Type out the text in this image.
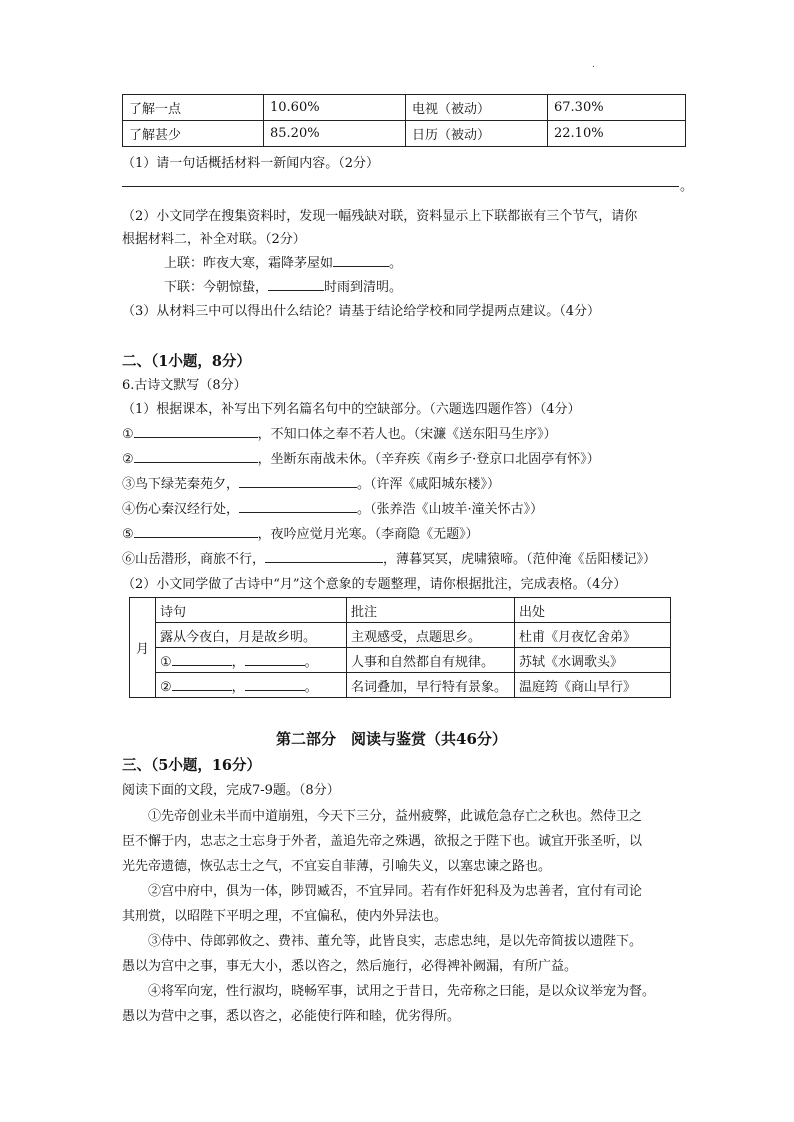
.
了解一点	10.60%	电视（被动）	67.30%
了解甚少	85.20%	日历（被动）	22.10%
（1）请一句话概括材料一新闻内容。（2分）
。
（2）小文同学在搜集资料时，发现一幅残缺对联，资料显示上下联都嵌有三个节气，请你
根据材料二，补全对联。（2分）
上联：昨夜大寒，霜降茅屋如	。
下联：今朝惊蛰，	时雨到清明。
（3）从材料三中可以得出什么结论？请基于结论给学校和同学提两点建议。（4分）
二、（1小题，8分）
6.古诗文默写（8分）
（1）根据课本，补写出下列名篇名句中的空缺部分。（六题选四题作答）（4分）
①	，不知口体之奉不若人也。（宋濂《送东阳马生序》）
②	，坐断东南战未休。（辛弃疾《南乡子·登京口北固亭有怀》）
③鸟下绿芜秦苑夕，	。（许浑《咸阳城东楼》）
④伤心秦汉经行处，	。（张养浩《山坡羊·潼关怀古》）
⑤	，夜吟应觉月光寒。（李商隐《无题》）
⑥山岳潜形，商旅不行，	，薄暮冥冥，虎啸猿啼。（范仲淹《岳阳楼记》）
（2）小文同学做了古诗中“月”这个意象的专题整理，请你根据批注，完成表格。（4分）
月	诗句	批注	出处
	露从今夜白，月是故乡明。	主观感受，点题思乡。	杜甫《月夜忆舍弟》
	① ， 。	人事和自然都自有规律。	苏轼《水调歌头》
	② ， 。	名词叠加，早行特有景象。	温庭筠《商山早行》
第二部分　阅读与鉴赏（共46分）
三、（5小题，16分）
阅读下面的文段，完成7-9题。（8分）
①先帝创业未半而中道崩殂，今天下三分，益州疲弊，此诚危急存亡之秋也。然侍卫之
臣不懈于内，忠志之士忘身于外者，盖追先帝之殊遇，欲报之于陛下也。诚宜开张圣听，以
光先帝遗德，恢弘志士之气，不宜妄自菲薄，引喻失义，以塞忠谏之路也。
②宫中府中，俱为一体，陟罚臧否，不宜异同。若有作奸犯科及为忠善者，宜付有司论
其刑赏，以昭陛下平明之理，不宜偏私，使内外异法也。
③侍中、侍郎郭攸之、费祎、董允等，此皆良实，志虑忠纯，是以先帝简拔以遗陛下。
愚以为宫中之事，事无大小，悉以咨之，然后施行，必得裨补阙漏，有所广益。
④将军向宠，性行淑均，晓畅军事，试用之于昔日，先帝称之曰能，是以众议举宠为督。
愚以为营中之事，悉以咨之，必能使行阵和睦，优劣得所。
